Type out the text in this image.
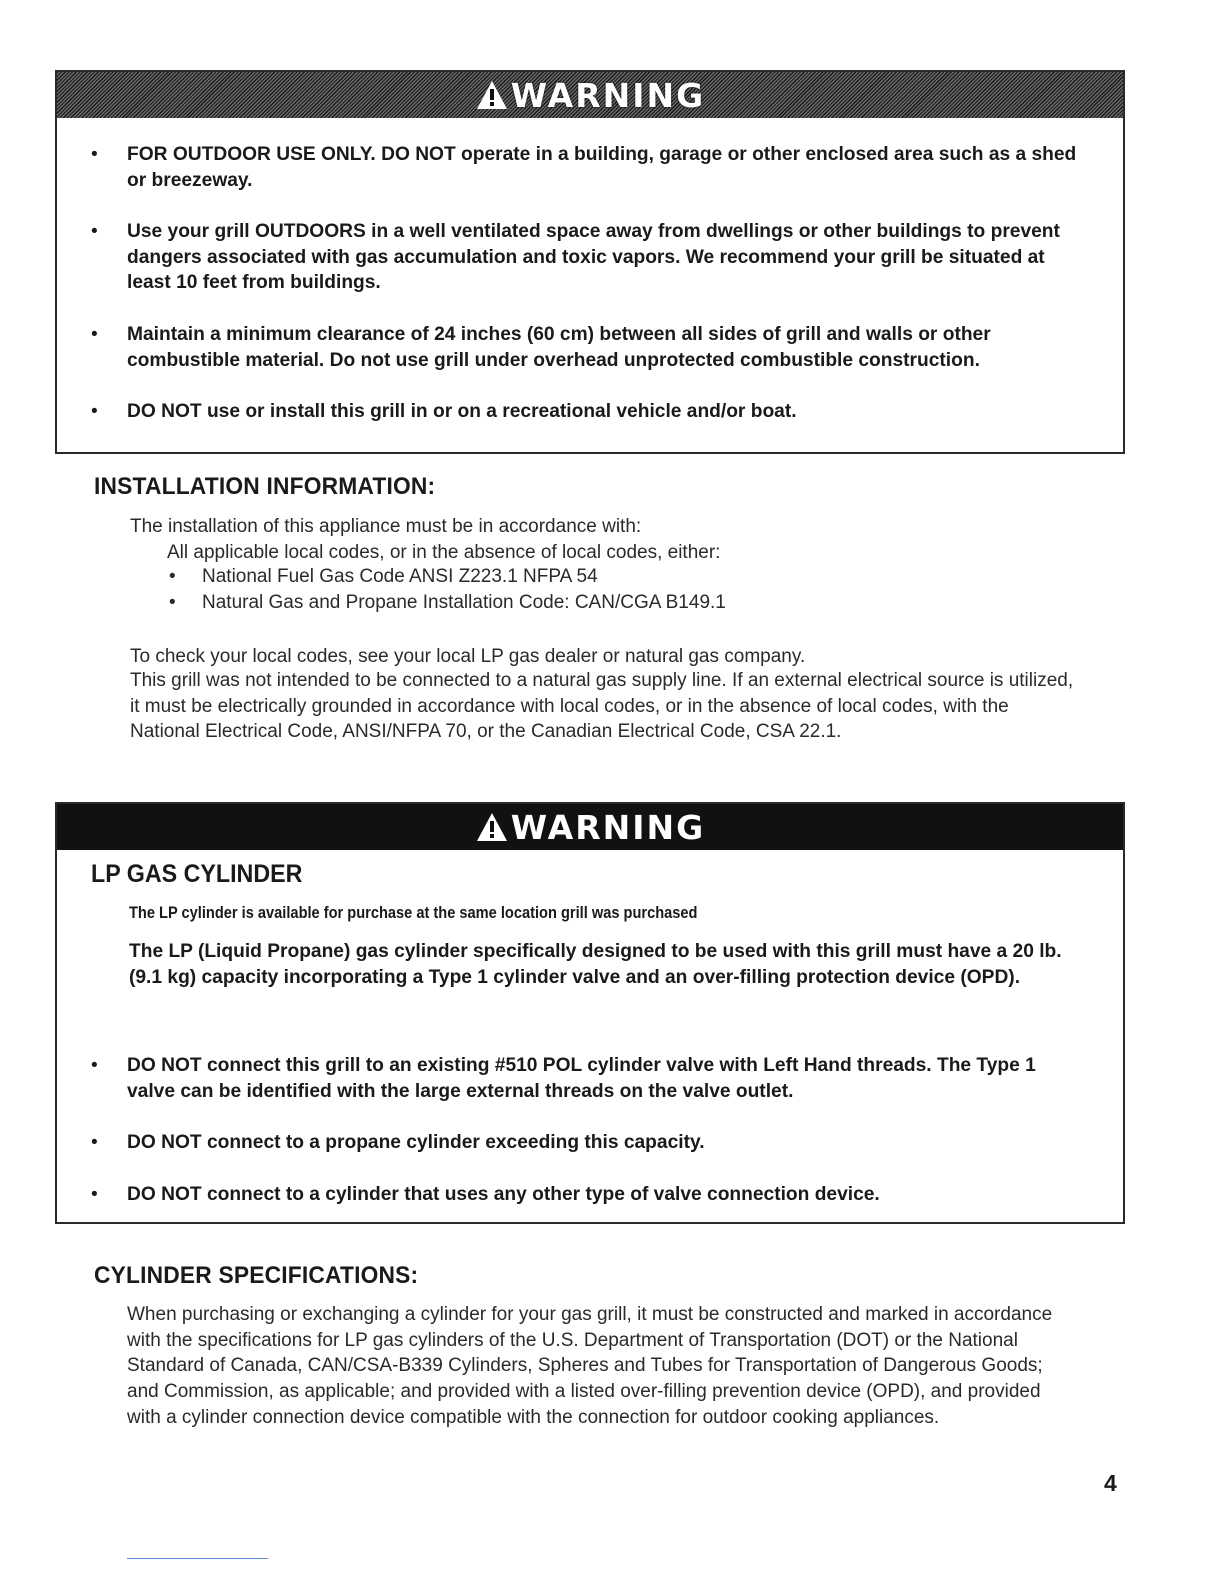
WARNING
• FOR OUTDOOR USE ONLY. DO NOT operate in a building, garage or other enclosed area such as a shed or breezeway.
• Use your grill OUTDOORS in a well ventilated space away from dwellings or other buildings to prevent dangers associated with gas accumulation and toxic vapors. We recommend your grill be situated at least 10 feet from buildings.
• Maintain a minimum clearance of 24 inches (60 cm) between all sides of grill and walls or other combustible material. Do not use grill under overhead unprotected combustible construction.
• DO NOT use or install this grill in or on a recreational vehicle and/or boat.
INSTALLATION INFORMATION:
The installation of this appliance must be in accordance with:
All applicable local codes, or in the absence of local codes, either:
• National Fuel Gas Code ANSI Z223.1 NFPA 54
• Natural Gas and Propane Installation Code: CAN/CGA B149.1
To check your local codes, see your local LP gas dealer or natural gas company.
This grill was not intended to be connected to a natural gas supply line. If an external electrical source is utilized, it must be electrically grounded in accordance with local codes, or in the absence of local codes, with the National Electrical Code, ANSI/NFPA 70, or the Canadian Electrical Code, CSA 22.1.
WARNING
LP GAS CYLINDER
The LP cylinder is available for purchase at the same location grill was purchased
The LP (Liquid Propane) gas cylinder specifically designed to be used with this grill must have a 20 lb. (9.1 kg) capacity incorporating a Type 1 cylinder valve and an over-filling protection device (OPD).
• DO NOT connect this grill to an existing #510 POL cylinder valve with Left Hand threads. The Type 1 valve can be identified with the large external threads on the valve outlet.
• DO NOT connect to a propane cylinder exceeding this capacity.
• DO NOT connect to a cylinder that uses any other type of valve connection device.
CYLINDER SPECIFICATIONS:
When purchasing or exchanging a cylinder for your gas grill, it must be constructed and marked in accordance with the specifications for LP gas cylinders of the U.S. Department of Transportation (DOT) or the National Standard of Canada, CAN/CSA-B339 Cylinders, Spheres and Tubes for Transportation of Dangerous Goods; and Commission, as applicable; and provided with a listed over-filling prevention device (OPD), and provided with a cylinder connection device compatible with the connection for outdoor cooking appliances.
4
